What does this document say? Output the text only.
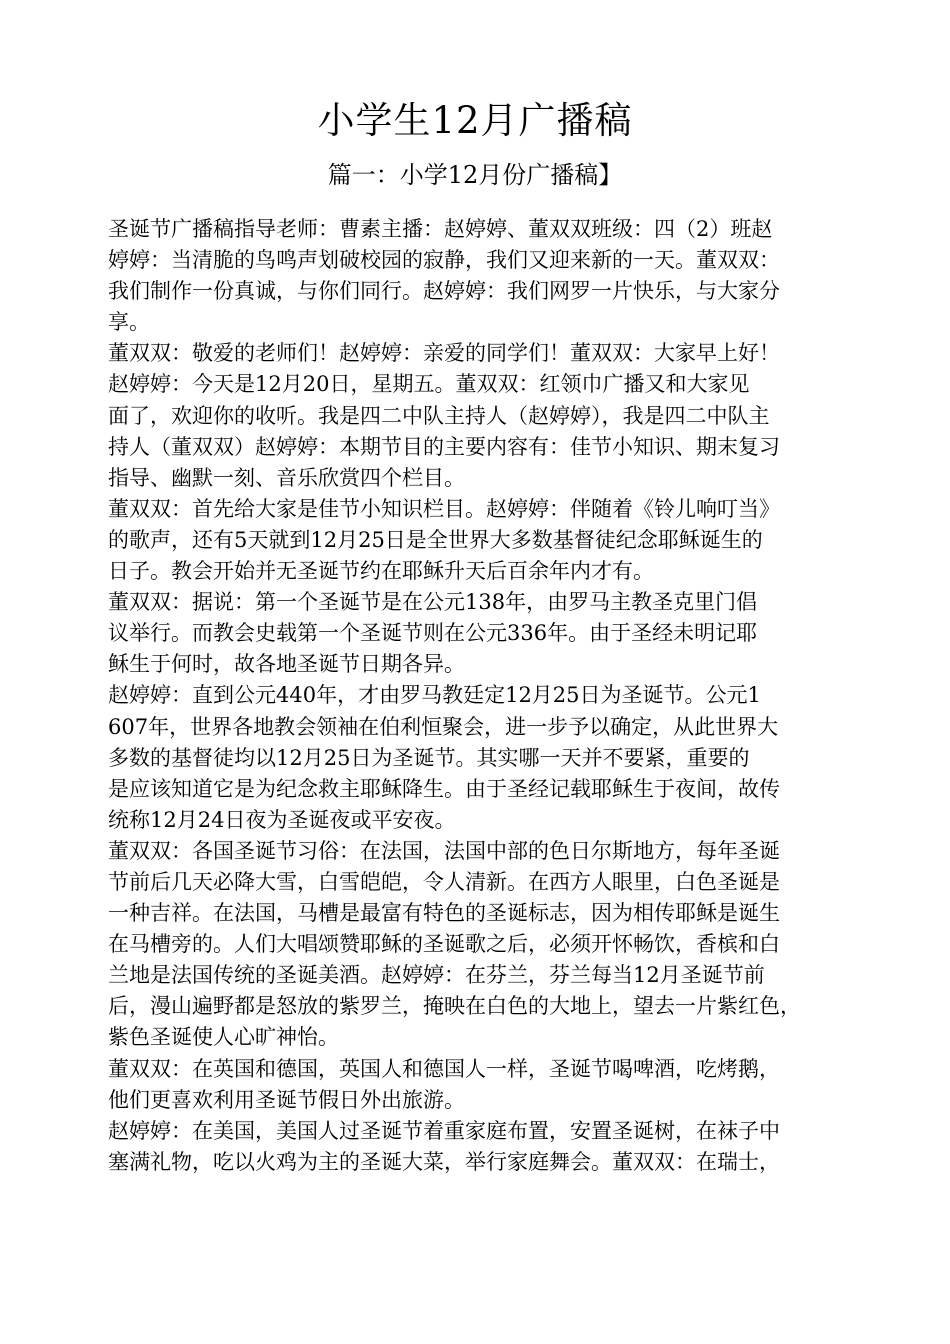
小学生12月广播稿
篇一：小学12月份广播稿】
圣诞节广播稿指导老师：曹素主播：赵婷婷、董双双班级：四（2）班赵
婷婷：当清脆的鸟鸣声划破校园的寂静，我们又迎来新的一天。董双双：
我们制作一份真诚，与你们同行。赵婷婷：我们网罗一片快乐，与大家分
享。
董双双：敬爱的老师们！赵婷婷：亲爱的同学们！董双双：大家早上好！
赵婷婷：今天是12月20日，星期五。董双双：红领巾广播又和大家见
面了，欢迎你的收听。我是四二中队主持人（赵婷婷），我是四二中队主
持人（董双双）赵婷婷：本期节目的主要内容有：佳节小知识、期末复习
指导、幽默一刻、音乐欣赏四个栏目。
董双双：首先给大家是佳节小知识栏目。赵婷婷：伴随着《铃儿响叮当》
的歌声，还有5天就到12月25日是全世界大多数基督徒纪念耶稣诞生的
日子。教会开始并无圣诞节约在耶稣升天后百余年内才有。
董双双：据说：第一个圣诞节是在公元138年，由罗马主教圣克里门倡
议举行。而教会史载第一个圣诞节则在公元336年。由于圣经未明记耶
稣生于何时，故各地圣诞节日期各异。
赵婷婷：直到公元440年，才由罗马教廷定12月25日为圣诞节。公元1
607年，世界各地教会领袖在伯利恒聚会，进一步予以确定，从此世界大
多数的基督徒均以12月25日为圣诞节。其实哪一天并不要紧，重要的
是应该知道它是为纪念救主耶稣降生。由于圣经记载耶稣生于夜间，故传
统称12月24日夜为圣诞夜或平安夜。
董双双：各国圣诞节习俗：在法国，法国中部的色日尔斯地方，每年圣诞
节前后几天必降大雪，白雪皑皑，令人清新。在西方人眼里，白色圣诞是
一种吉祥。在法国，马槽是最富有特色的圣诞标志，因为相传耶稣是诞生
在马槽旁的。人们大唱颂赞耶稣的圣诞歌之后，必须开怀畅饮，香槟和白
兰地是法国传统的圣诞美酒。赵婷婷：在芬兰，芬兰每当12月圣诞节前
后，漫山遍野都是怒放的紫罗兰，掩映在白色的大地上，望去一片紫红色，
紫色圣诞使人心旷神怡。
董双双：在英国和德国，英国人和德国人一样，圣诞节喝啤酒，吃烤鹅，
他们更喜欢利用圣诞节假日外出旅游。
赵婷婷：在美国，美国人过圣诞节着重家庭布置，安置圣诞树，在袜子中
塞满礼物，吃以火鸡为主的圣诞大菜，举行家庭舞会。董双双：在瑞士，
